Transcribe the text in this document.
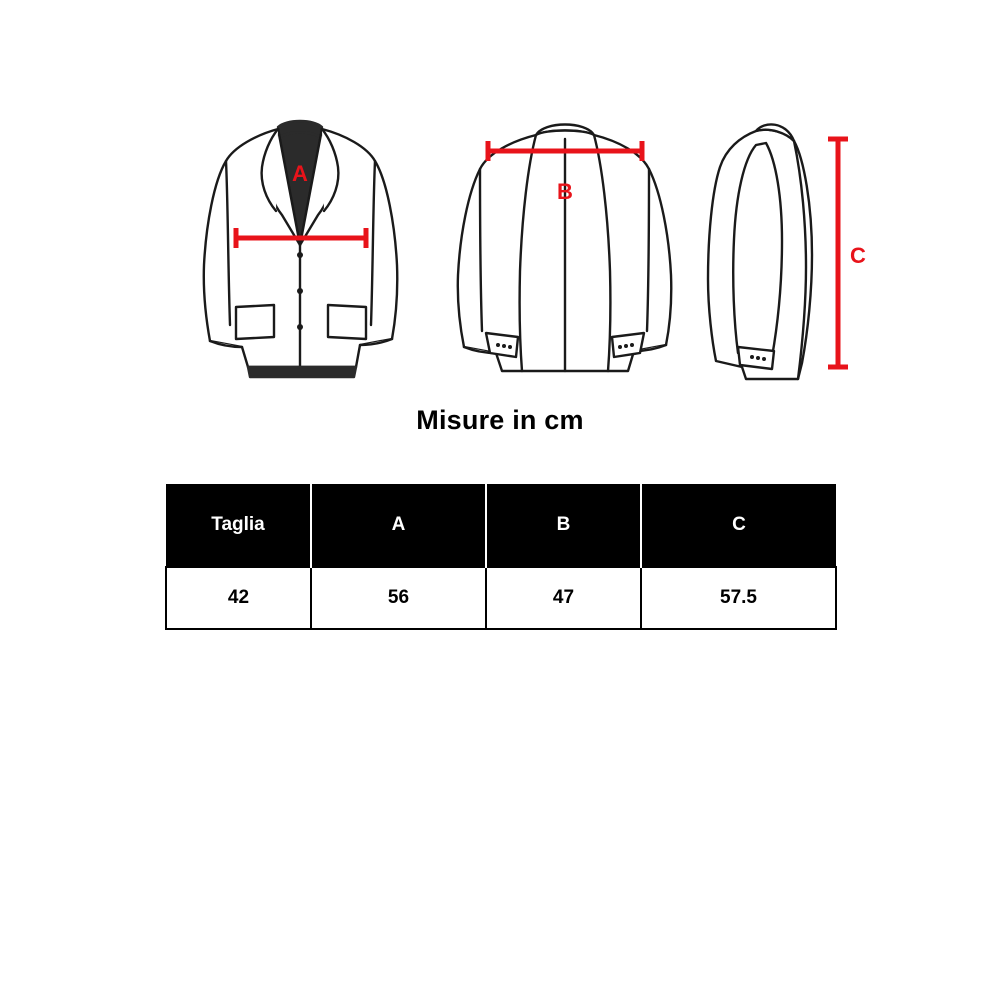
A
B
C
Misure in cm
Taglia	A	B	C
42	56	47	57.5
